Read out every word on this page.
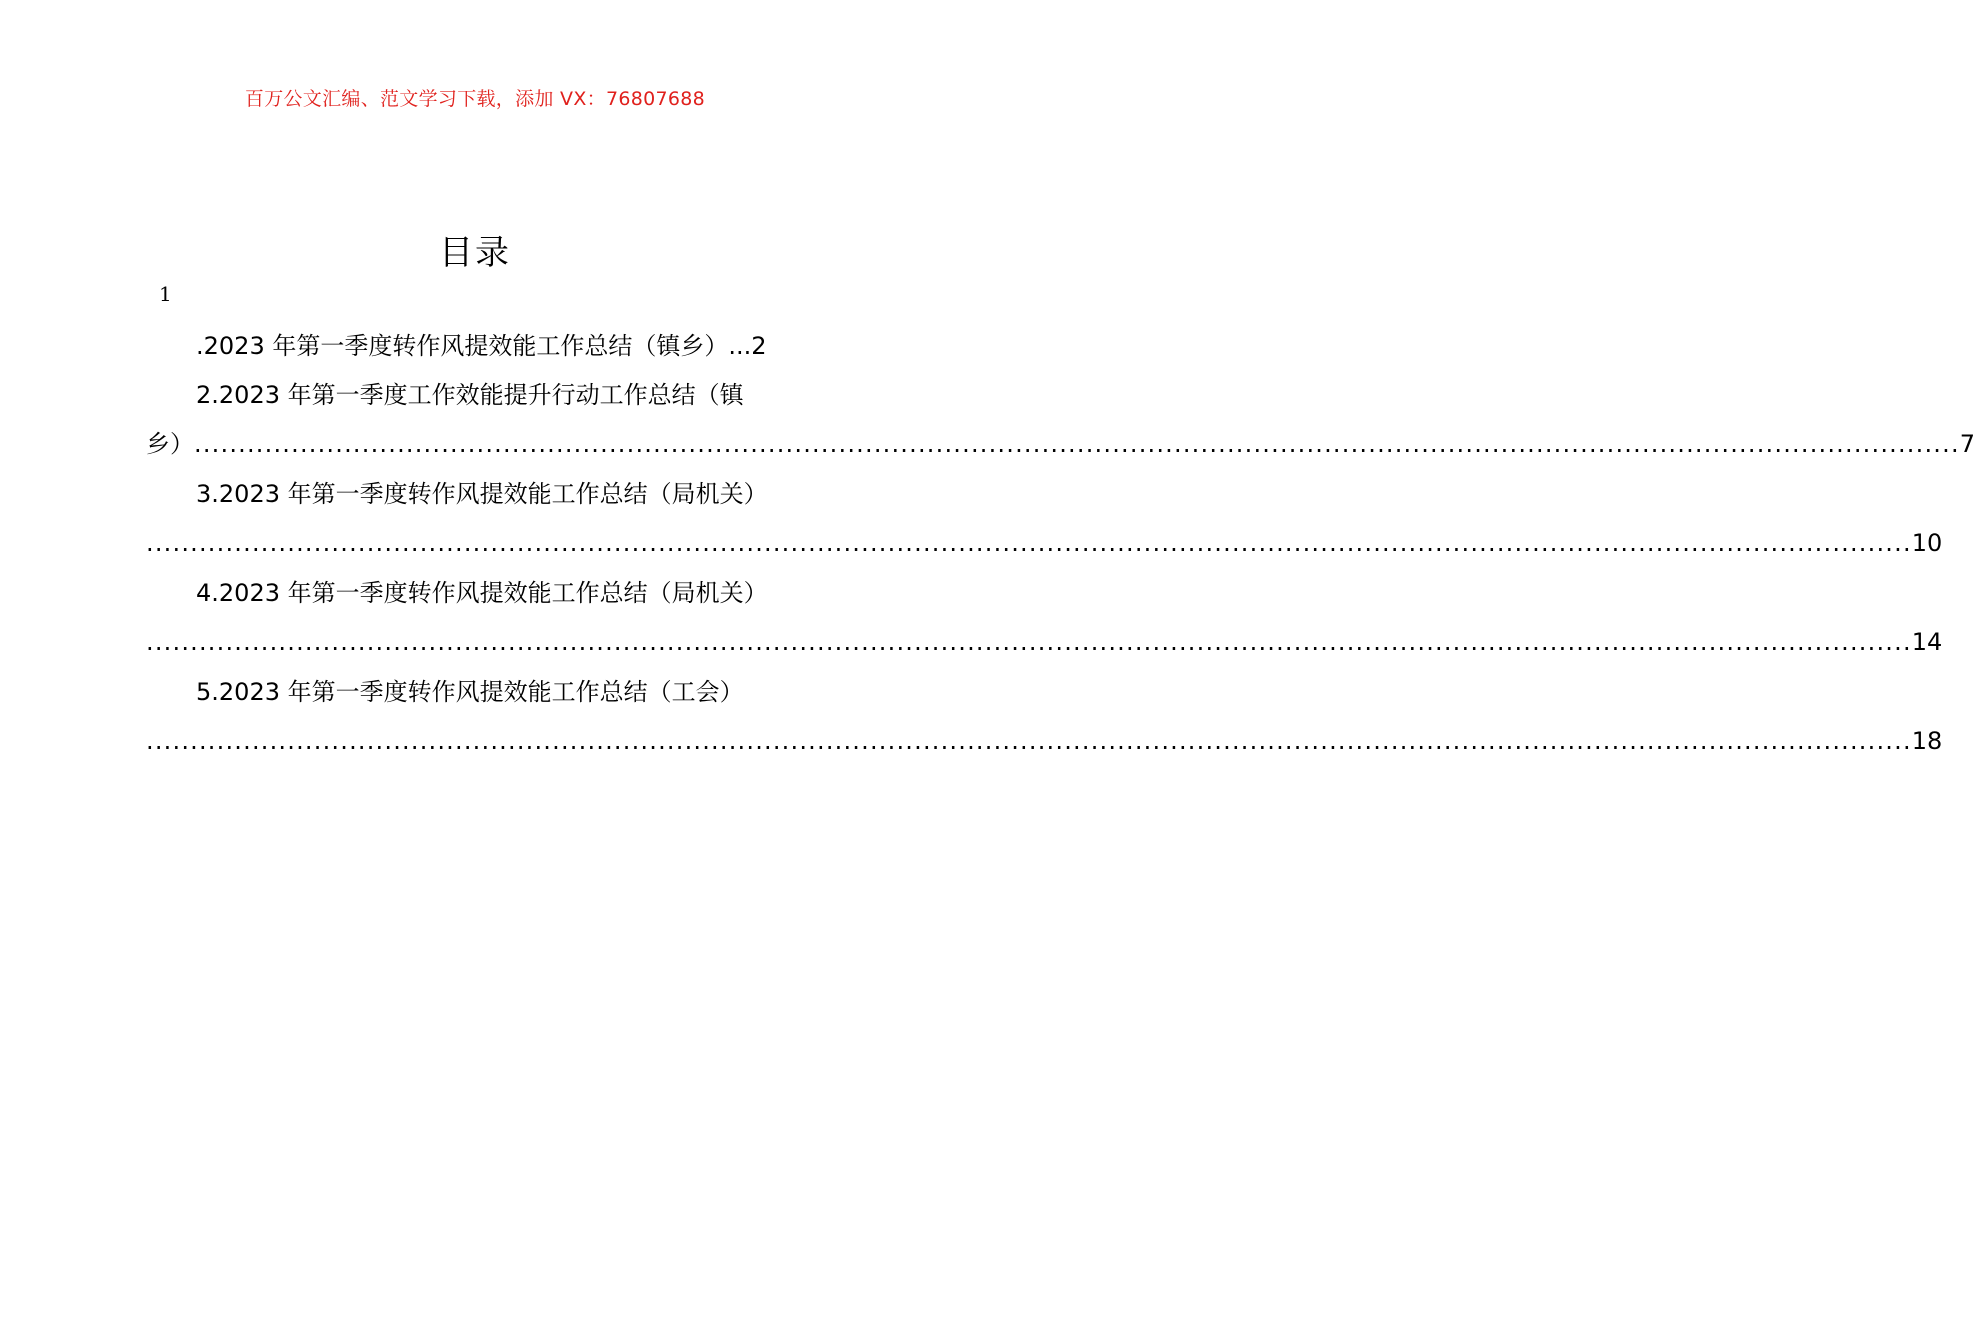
百万公文汇编、范文学习下载，添加 VX：76807688
目录
1
.2023 年第一季度转作风提效能工作总结（镇乡）...2
2.2023 年第一季度工作效能提升行动工作总结（镇
乡） ........................................................................................................................................................................................................ 7
3.2023 年第一季度转作风提效能工作总结（局机关）
........................................................................................................................................................................................................ 10
4.2023 年第一季度转作风提效能工作总结（局机关）
........................................................................................................................................................................................................ 14
5.2023 年第一季度转作风提效能工作总结（工会）
........................................................................................................................................................................................................ 18
